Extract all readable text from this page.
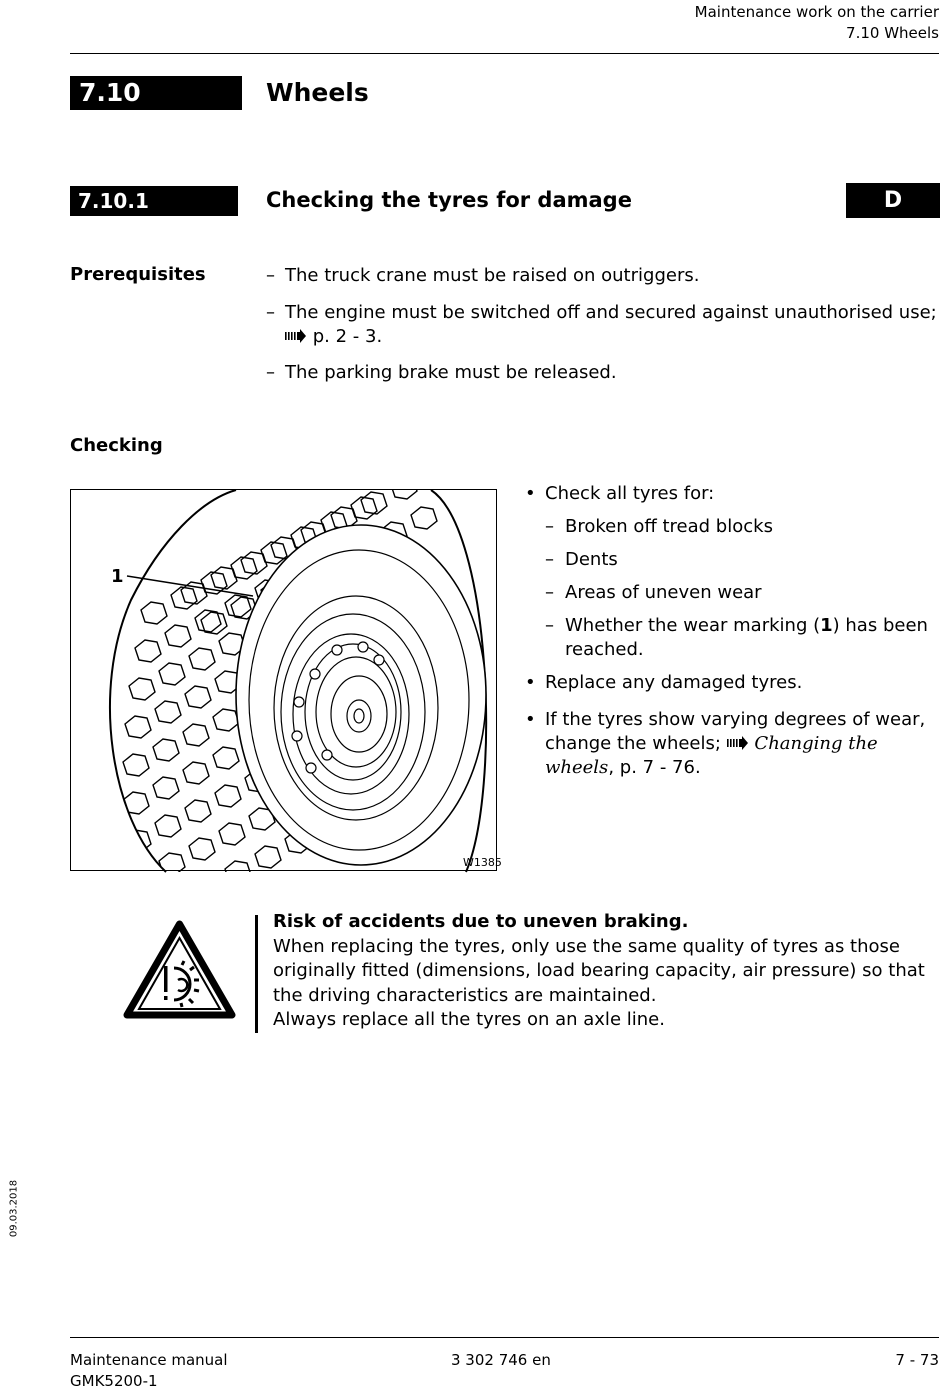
Maintenance work on the carrier
7.10 Wheels
7.10	Wheels
7.10.1	Checking the tyres for damage	D
Prerequisites	– The truck crane must be raised on outriggers.
– The engine must be switched off and secured against unauthorised use;
p. 2 - 3.
– The parking brake must be released.
Checking
1
W1385
• Check all tyres for:
– Broken off tread blocks
– Dents
– Areas of uneven wear
– Whether the wear marking (1) has been reached.
• Replace any damaged tyres.
• If the tyres show varying degrees of wear, change the wheels; Changing the wheels, p. 7 - 76.
Risk of accidents due to uneven braking.
When replacing the tyres, only use the same quality of tyres as those
originally fitted (dimensions, load bearing capacity, air pressure) so that
the driving characteristics are maintained.
Always replace all the tyres on an axle line.
09.03.2018
Maintenance manual
GMK5200-1
3 302 746 en	7 - 73
